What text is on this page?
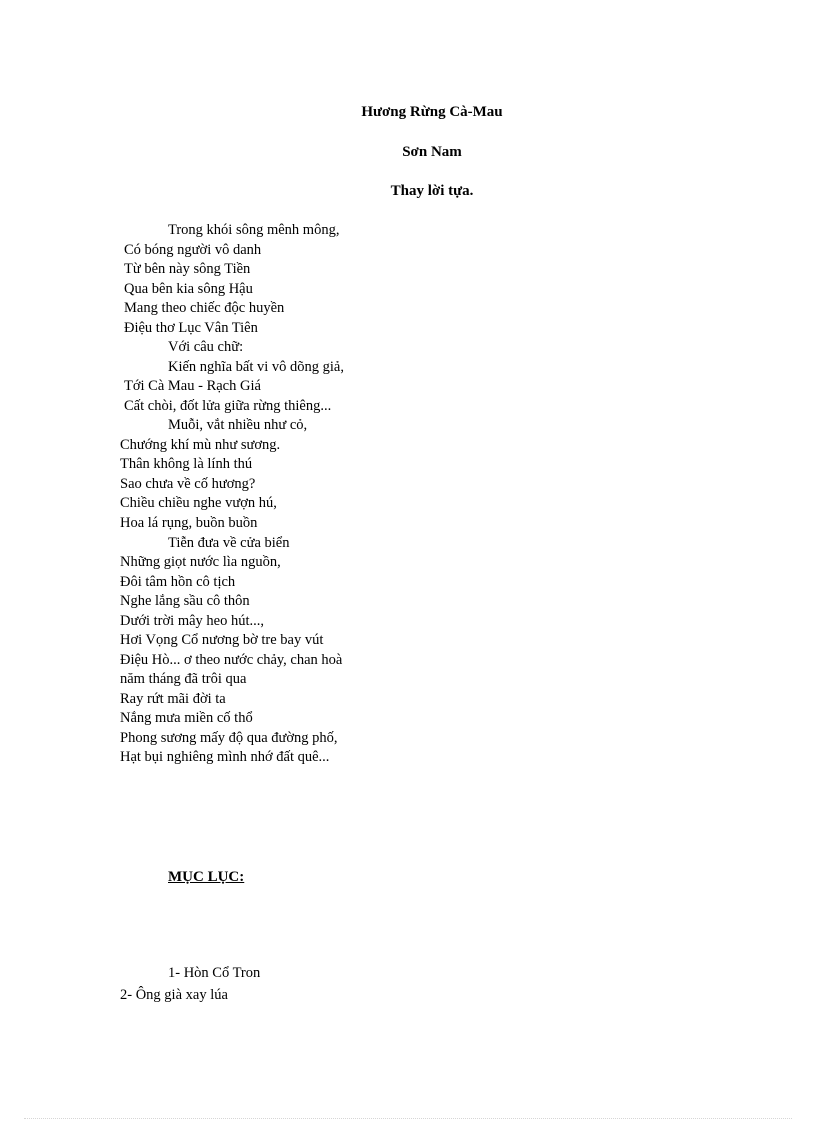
Hương Rừng Cà-Mau
Sơn Nam
Thay lời tựa.
Trong khói sông mênh mông,
Có bóng người vô danh
Từ bên này sông Tiền
Qua bên kia sông Hậu
Mang theo chiếc độc huyền
Điệu thơ Lục Vân Tiên
Với câu chữ:
Kiến nghĩa bất vi vô dõng giả,
Tới Cà Mau - Rạch Giá
Cất chòi, đốt lửa giữa rừng thiêng...
Muỗi, vắt nhiều như cỏ,
Chướng khí mù như sương.
Thân không là lính thú
Sao chưa về cố hương?
Chiều chiều nghe vượn hú,
Hoa lá rụng, buồn buồn
Tiễn đưa về cửa biển
Những giọt nước lìa nguồn,
Đôi tâm hồn cô tịch
Nghe lắng sầu cô thôn
Dưới trời mây heo hút...,
Hơi Vọng Cổ nương bờ tre bay vút
Điệu Hò... ơ theo nước chảy, chan hoà
năm tháng đã trôi qua
Ray rứt mãi đời ta
Nắng mưa miền cố thổ
Phong sương mấy độ qua đường phố,
Hạt bụi nghiêng mình nhớ đất quê...
MỤC LỤC:
1- Hòn Cổ Tron
2- Ông già xay lúa
